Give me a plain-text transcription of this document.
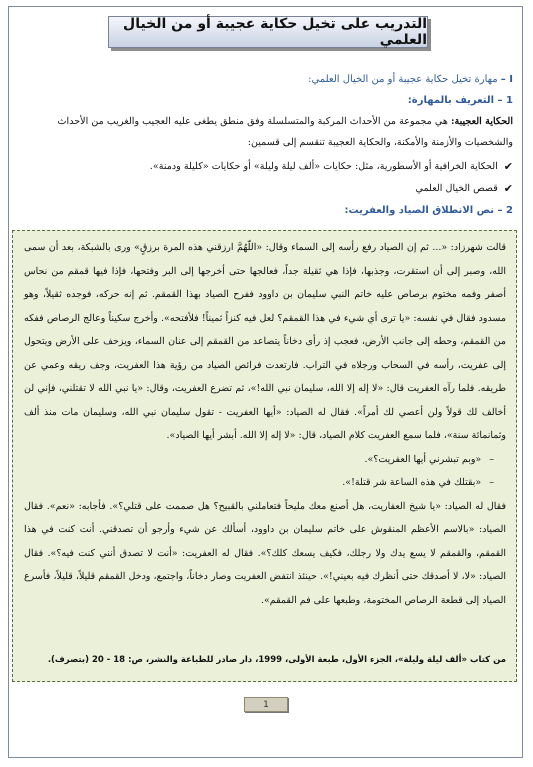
التدريب على تخيل حكاية عجيبة أو من الخيال العلمي
I – مهارة تخيل حكاية عجيبة أو من الخيال العلمي:
1 – التعريف بالمهارة:
الحكاية العجيبة: هي مجموعة من الأحداث المركبة والمتسلسلة وفق منطق يطغى عليه العجيب والغريب من الأحداث والشخصيات والأزمنة والأمكنة، والحكاية العجيبة تنقسم إلى قسمين:
✔
الحكاية الخرافية أو الأسطورية، مثل: حكايات «ألف ليلة وليلة» أو حكايات «كليلة ودمنة».
✔
قصص الخيال العلمي
2 – نص الانطلاق الصياد والعفريت:

قالت شهرزاد: «... ثم إن الصياد رفع رأسه إلى السماء وقال: «اللّهُمَّ ارزقني هذه المرة برزقٍ» ورى بالشبكة، بعد أن سمى الله، وصبر إلى أن استقرت، وجذبها، فإذا هي ثقيلة جداً، فعالجها حتى أخرجها إلى البر وفتحها، فإذا فيها قمقم من نحاس أصفر وفمه مختوم برصاص عليه خاتم النبي سليمان بن داوود ففرح الصياد بهذا القمقم. ثم إنه حركه، فوجده ثقيلاً، وهو مسدود فقال في نفسه: «يا ترى أي شيء في هذا القمقم؟ لعل فيه كنزاً ثميناً! فلأفتحه». وأخرج سكيناً وعالج الرصاص ففكه من القمقم، وحطه إلى جانب الأرض، فعجب إذ رأى دخاناً يتصاعد من القمقم إلى عنان السماء، ويزحف على الأرض ويتحول إلى عفريت، رأسه في السحاب ورجلاه في التراب. فارتعدت فرائص الصياد من رؤية هذا العفريت، وجف ريقه وعمي عن طريقه. فلما رآه العفريت قال: «لا إله إلا الله، سليمان نبي الله!»، ثم تضرع العفريت، وقال: «يا نبي الله لا تقتلني، فإني لن أخالف لك قولاً ولن أعصي لك أمراً». فقال له الصياد: «أيها العفريت - تقول سليمان نبي الله، وسليمان مات منذ ألف وثمانمائة سنة»، فلما سمع العفريت كلام الصياد، قال: «لا إله إلا الله. أبشر أيها الصياد».

–
«وبم تبشرني أيها العفريت؟».
–
«بقتلك في هذه الساعة شر قتلة!».

فقال له الصياد: «يا شيخ العفاريت، هل أصنع معك مليحاً فتعاملني بالقبيح؟ هل صممت على قتلي؟». فأجابه: «نعم». فقال الصياد: «بالاسم الأعظم المنقوش على خاتم سليمان بن داوود، أسألك عن شيء وأرجو أن تصدقني. أنت كنت في هذا القمقم، والقمقم لا يسع يدك ولا رجلك، فكيف يسعك كلك؟». فقال له العفريت: «أنت لا تصدق أنني كنت فيه؟». فقال الصياد: «لا، لا أصدقك حتى أنظرك فيه بعيني!». حينئذ انتفض العفريت وصار دخاناً، واجتمع، ودخل القمقم قليلاً، قليلاً، فأسرع الصياد إلى قطعة الرصاص المختومة، وطبعها على فم القمقم».

من كتاب «ألف ليلة وليلة»، الجزء الأول، طبعة الأولى، 1999، دار صادر للطباعة والنشر، ص: 18 - 20 (بتصرف).
1
